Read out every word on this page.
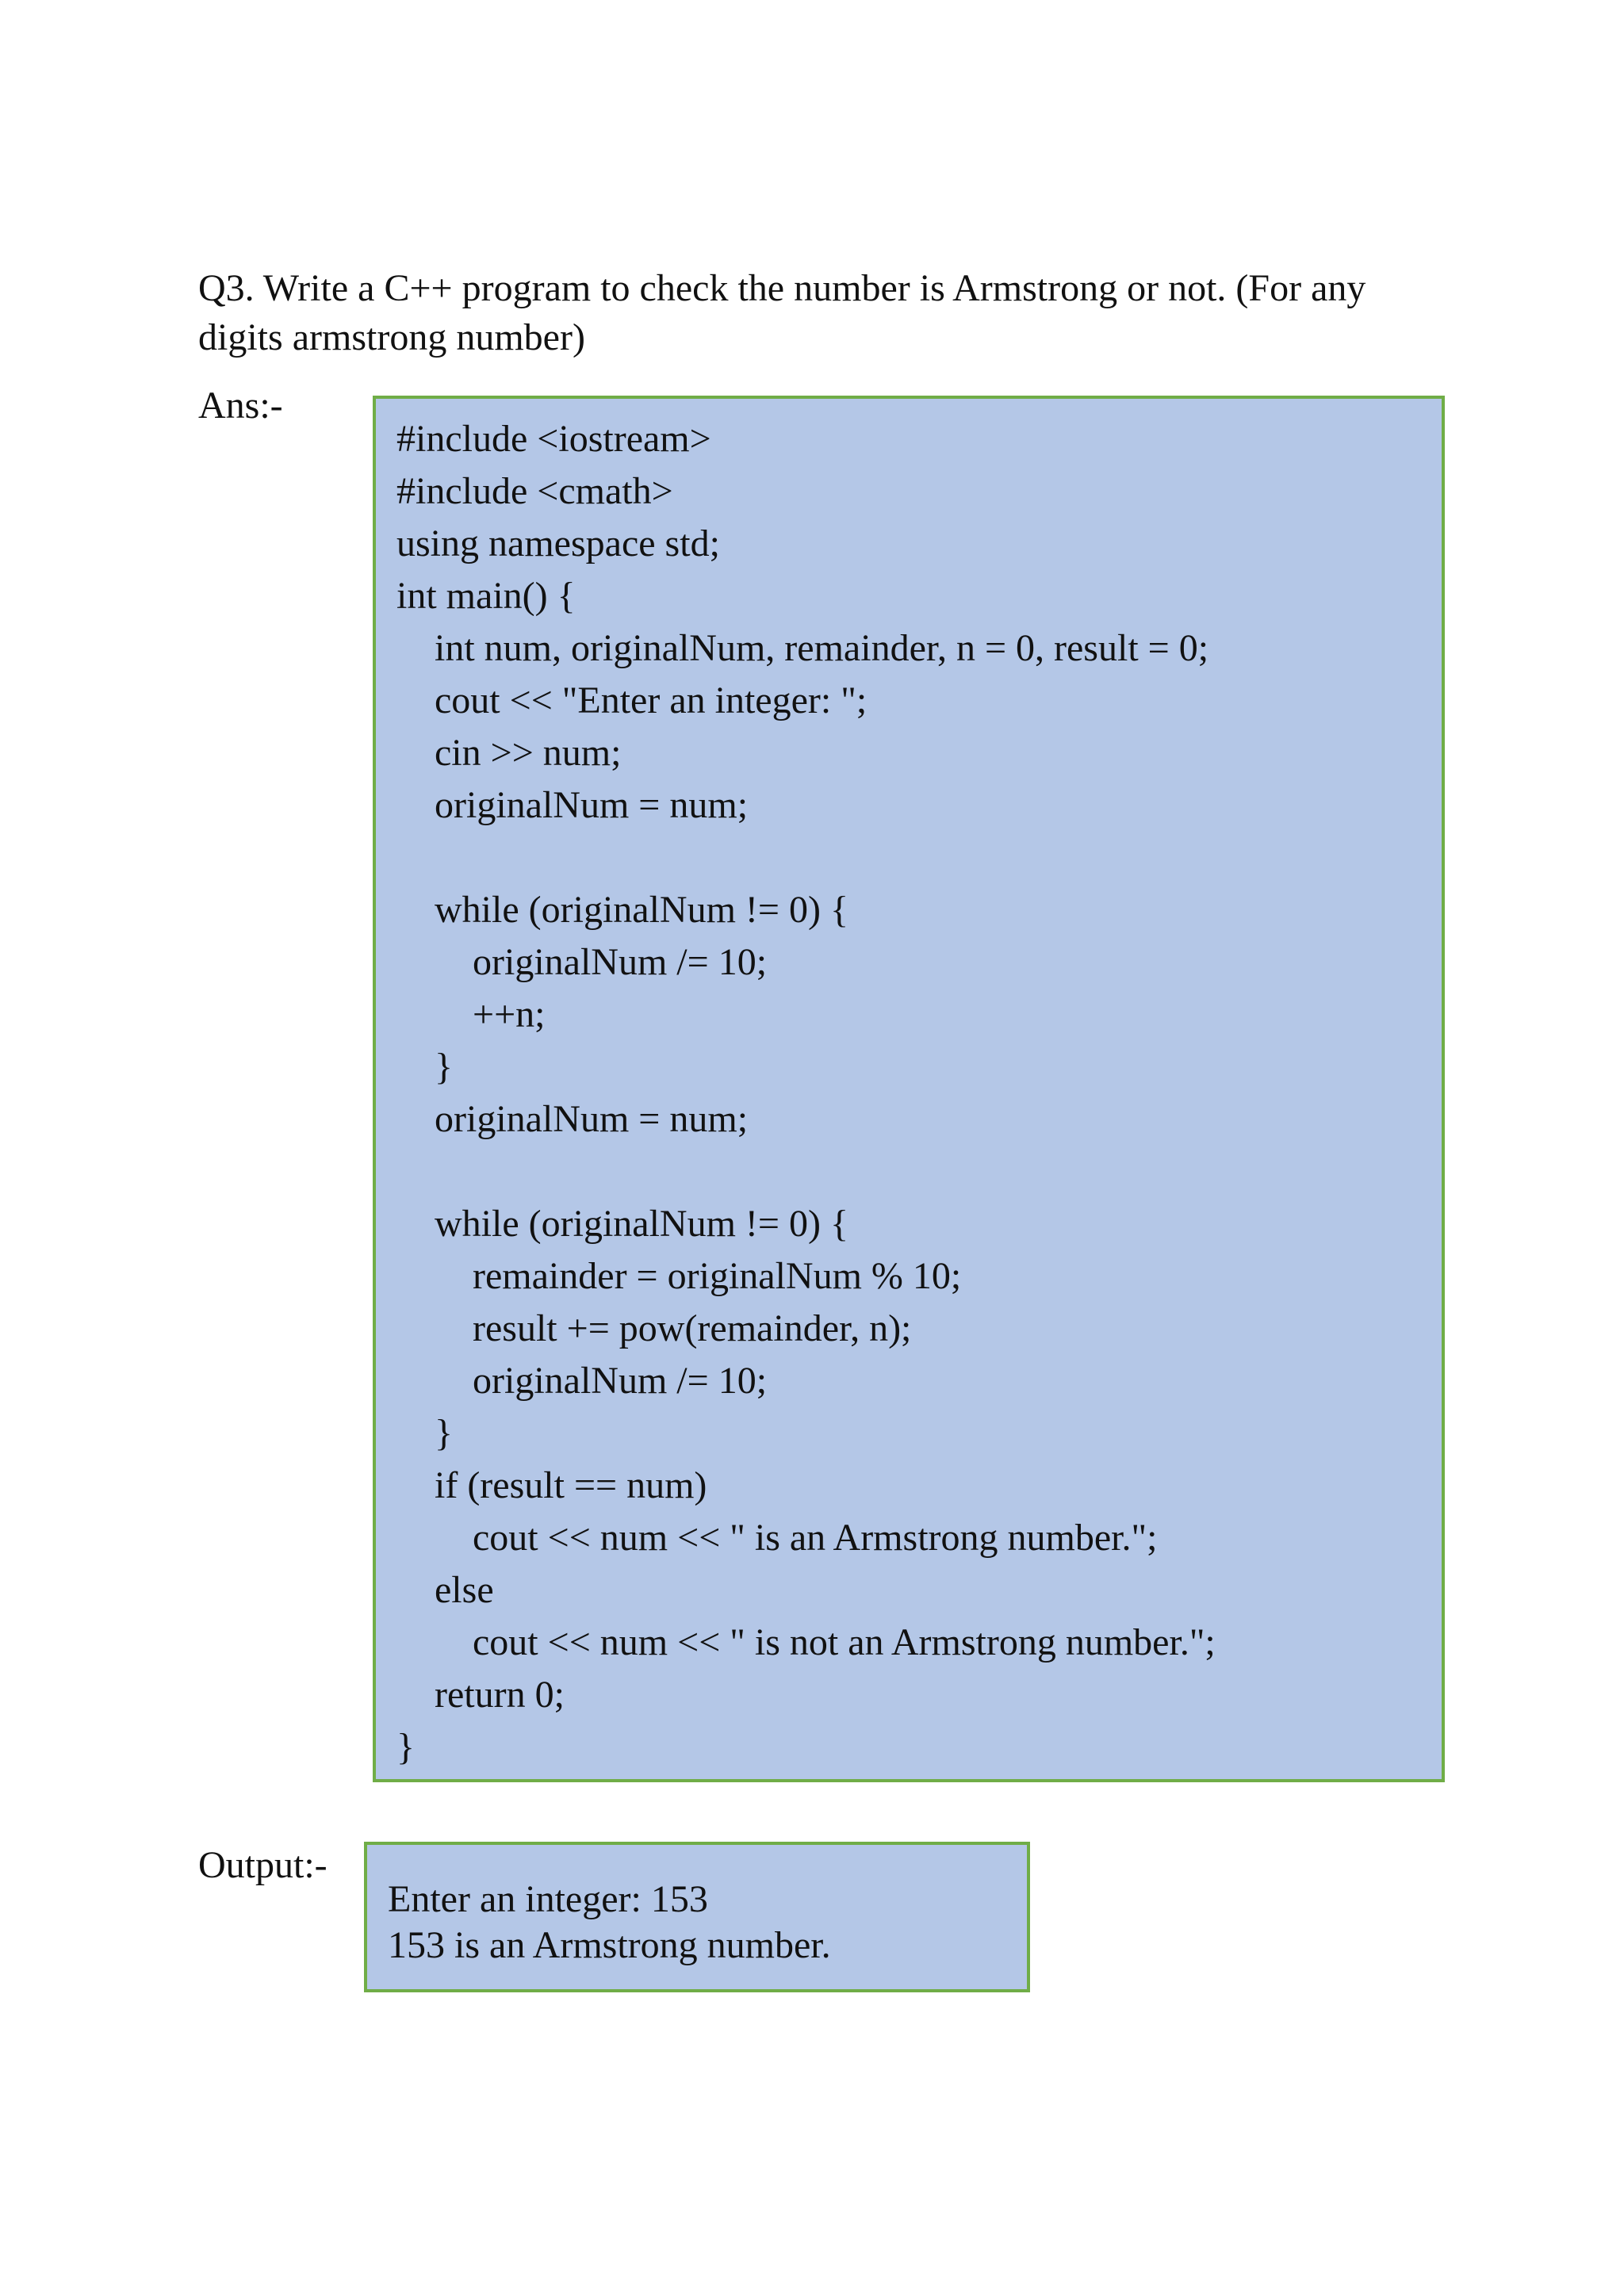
Q3. Write a C++ program to check the number is Armstrong or not. (For any digits armstrong number)
Ans:-
#include <iostream>
#include <cmath>
using namespace std;
int main() {
int num, originalNum, remainder, n = 0, result = 0;
cout << "Enter an integer: ";
cin >> num;
originalNum = num;
while (originalNum != 0) {
originalNum /= 10;
++n;
}
originalNum = num;
while (originalNum != 0) {
remainder = originalNum % 10;
result += pow(remainder, n);
originalNum /= 10;
}
if (result == num)
cout << num << " is an Armstrong number.";
else
cout << num << " is not an Armstrong number.";
return 0;
}
Output:-
Enter an integer: 153
153 is an Armstrong number.
